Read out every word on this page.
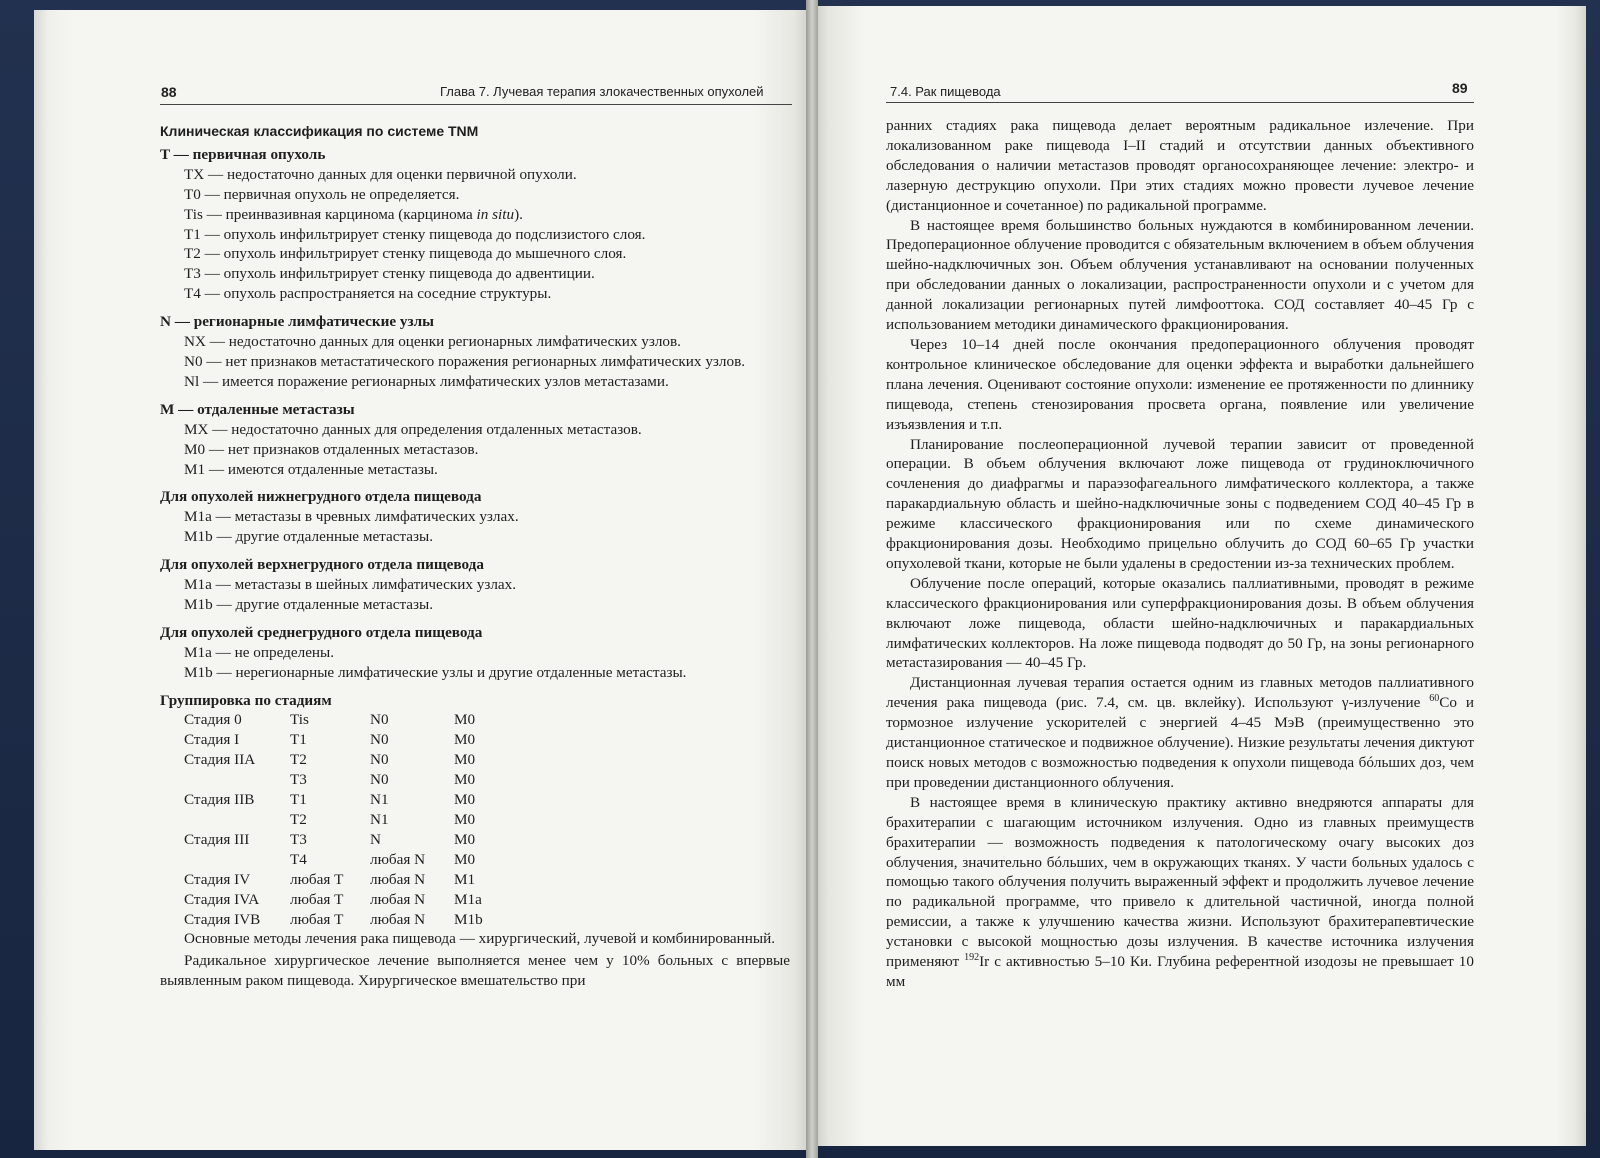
88	Глава 7. Лучевая терапия злокачественных опухолей
Клиническая классификация по системе TNM
T — первичная опухоль

TX — недостаточно данных для оценки первичной опухоли.

T0 — первичная опухоль не определяется.

Tis — преинвазивная карцинома (карцинома in situ).

T1 — опухоль инфильтрирует стенку пищевода до подслизистого слоя.

T2 — опухоль инфильтрирует стенку пищевода до мышечного слоя.

T3 — опухоль инфильтрирует стенку пищевода до адвентиции.

T4 — опухоль распространяется на соседние структуры.

N — регионарные лимфатические узлы

NX — недостаточно данных для оценки регионарных лимфатических узлов.

N0 — нет признаков метастатического поражения регионарных лимфатических узлов.

Nl — имеется поражение регионарных лимфатических узлов метастазами.

M — отдаленные метастазы

MX — недостаточно данных для определения отдаленных метастазов.

M0 — нет признаков отдаленных метастазов.

M1 — имеются отдаленные метастазы.

Для опухолей нижнегрудного отдела пищевода

M1a — метастазы в чревных лимфатических узлах.

M1b — другие отдаленные метастазы.

Для опухолей верхнегрудного отдела пищевода

M1a — метастазы в шейных лимфатических узлах.

M1b — другие отдаленные метастазы.

Для опухолей среднегрудного отдела пищевода

M1a — не определены.

M1b — нерегионарные лимфатические узлы и другие отдаленные метастазы.

Группировка по стадиям
Стадия 0	Tis	N0	M0
Стадия I	T1	N0	M0
Стадия IIA	T2	N0	M0
	T3	N0	M0
Стадия IIB	T1	N1	M0
	T2	N1	M0
Стадия III	T3	N	M0
	T4	любая N	M0
Стадия IV	любая T	любая N	M1
Стадия IVA	любая T	любая N	M1a
Стадия IVB	любая T	любая N	M1b

Основные методы лечения рака пищевода — хирургический, лучевой и комбинированный.

Радикальное хирургическое лечение выполняется менее чем у 10% больных с впервые выявленным раком пищевода. Хирургическое вмешательство при

7.4. Рак пищевода	89

ранних стадиях рака пищевода делает вероятным радикальное излечение. При локализованном раке пищевода I–II стадий и отсутствии данных объективного обследования о наличии метастазов проводят органосохраняющее лечение: электро- и лазерную деструкцию опухоли. При этих стадиях можно провести лучевое лечение (дистанционное и сочетанное) по радикальной программе.

В настоящее время большинство больных нуждаются в комбинированном лечении. Предоперационное облучение проводится с обязательным включением в объем облучения шейно-надключичных зон. Объем облучения устанавливают на основании полученных при обследовании данных о локализации, распространенности опухоли и с учетом для данной локализации регионарных путей лимфооттока. СОД составляет 40–45 Гр с использованием методики динамического фракционирования.

Через 10–14 дней после окончания предоперационного облучения проводят контрольное клиническое обследование для оценки эффекта и выработки дальнейшего плана лечения. Оценивают состояние опухоли: изменение ее протяженности по длиннику пищевода, степень стенозирования просвета органа, появление или увеличение изъязвления и т.п.

Планирование послеоперационной лучевой терапии зависит от проведенной операции. В объем облучения включают ложе пищевода от грудиноключичного сочленения до диафрагмы и параэзофагеального лимфатического коллектора, а также паракардиальную область и шейно-надключичные зоны с подведением СОД 40–45 Гр в режиме классического фракционирования или по схеме динамического фракционирования дозы. Необходимо прицельно облучить до СОД 60–65 Гр участки опухолевой ткани, которые не были удалены в средостении из-за технических проблем.

Облучение после операций, которые оказались паллиативными, проводят в режиме классического фракционирования или суперфракционирования дозы. В объем облучения включают ложе пищевода, области шейно-надключичных и паракардиальных лимфатических коллекторов. На ложе пищевода подводят до 50 Гр, на зоны регионарного метастазирования — 40–45 Гр.

Дистанционная лучевая терапия остается одним из главных методов паллиативного лечения рака пищевода (рис. 7.4, см. цв. вклейку). Используют γ-излучение $^{60}$Co и тормозное излучение ускорителей с энергией 4–45 МэВ (преимущественно это дистанционное статическое и подвижное облучение). Низкие результаты лечения диктуют поиск новых методов с возможностью подведения к опухоли пищевода бóльших доз, чем при проведении дистанционного облучения.

В настоящее время в клиническую практику активно внедряются аппараты для брахитерапии с шагающим источником излучения. Одно из главных преимуществ брахитерапии — возможность подведения к патологическому очагу высоких доз облучения, значительно бóльших, чем в окружающих тканях. У части больных удалось с помощью такого облучения получить выраженный эффект и продолжить лучевое лечение по радикальной программе, что привело к длительной частичной, иногда полной ремиссии, а также к улучшению качества жизни. Используют брахитерапевтические установки с высокой мощностью дозы излучения. В качестве источника излучения применяют $^{192}$Ir с активностью 5–10 Ки. Глубина референтной изодозы не превышает 10 мм
